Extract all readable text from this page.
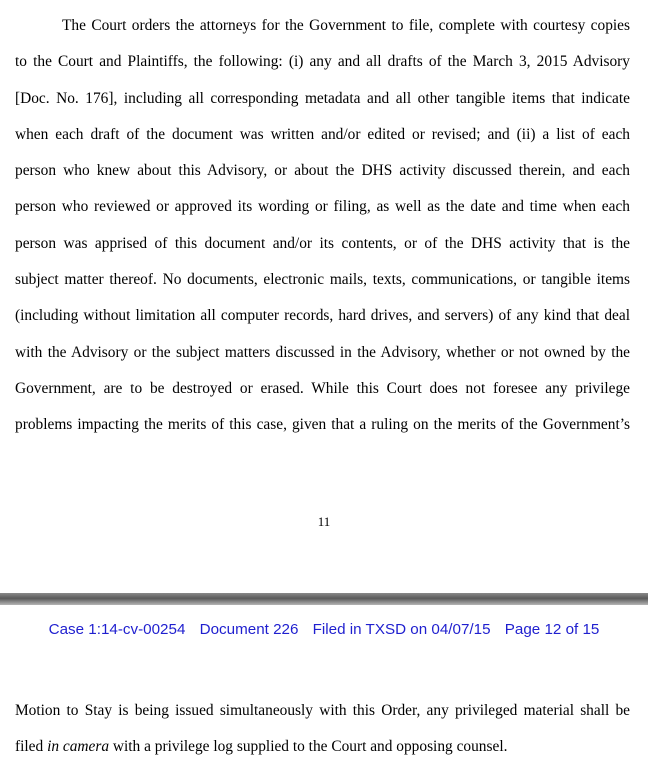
The Court orders the attorneys for the Government to file, complete with courtesy copies
to the Court and Plaintiffs, the following: (i) any and all drafts of the March 3, 2015 Advisory
[Doc. No. 176], including all corresponding metadata and all other tangible items that indicate
when each draft of the document was written and/or edited or revised; and (ii) a list of each
person who knew about this Advisory, or about the DHS activity discussed therein, and each
person who reviewed or approved its wording or filing, as well as the date and time when each
person was apprised of this document and/or its contents, or of the DHS activity that is the
subject matter thereof. No documents, electronic mails, texts, communications, or tangible items
(including without limitation all computer records, hard drives, and servers) of any kind that deal
with the Advisory or the subject matters discussed in the Advisory, whether or not owned by the
Government, are to be destroyed or erased. While this Court does not foresee any privilege
problems impacting the merits of this case, given that a ruling on the merits of the Government’s
11
Case 1:14-cv-00254 Document 226 Filed in TXSD on 04/07/15 Page 12 of 15
Motion to Stay is being issued simultaneously with this Order, any privileged material shall be
filed in camera with a privilege log supplied to the Court and opposing counsel.
